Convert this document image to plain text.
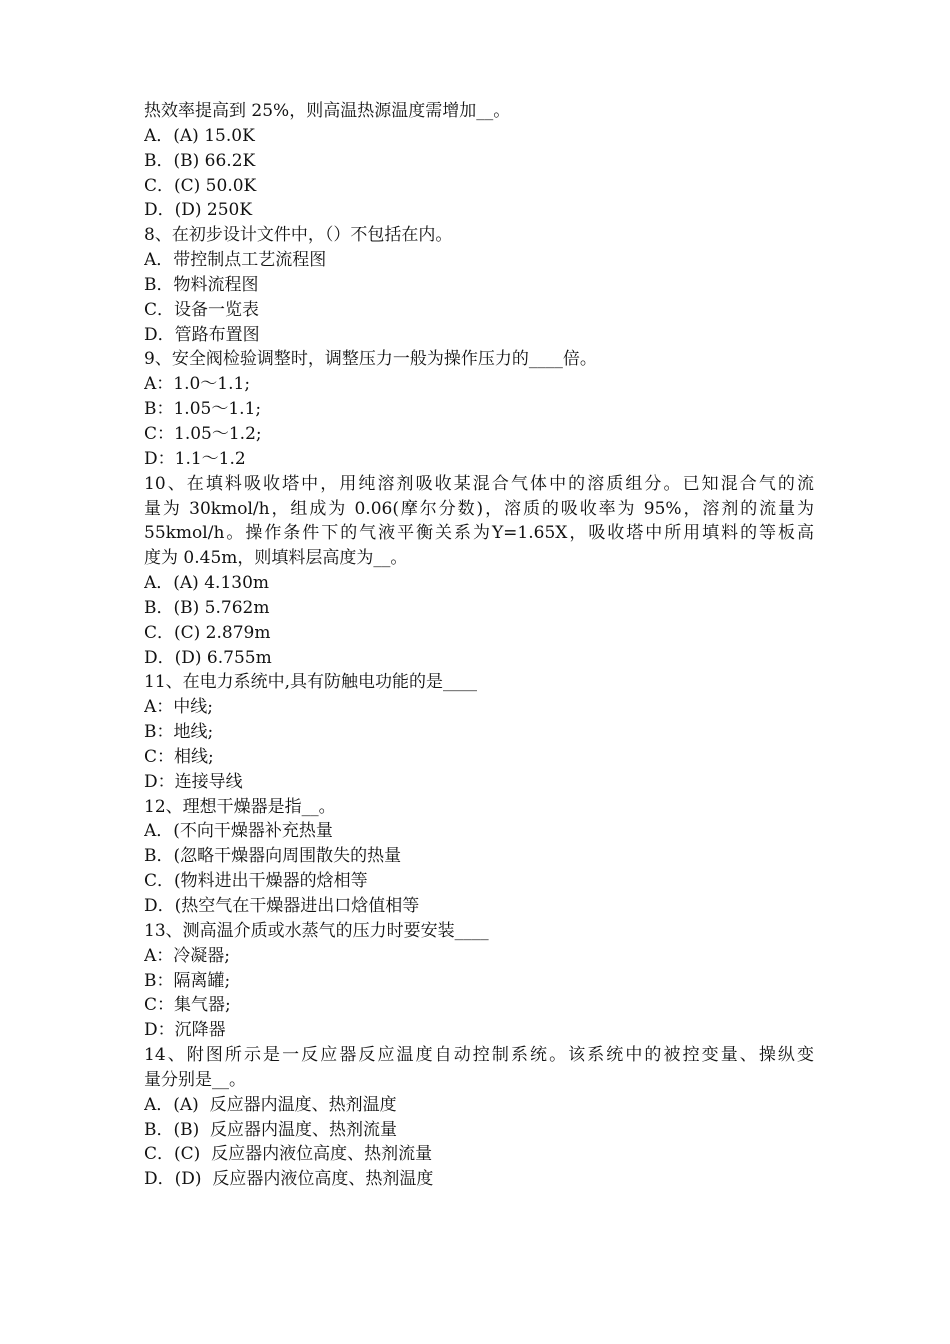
热效率提高到 25%，则高温热源温度需增加__。
A．(A) 15.0K
B．(B) 66.2K
C．(C) 50.0K
D．(D) 250K
8、在初步设计文件中，（）不包括在内。
A．带控制点工艺流程图
B．物料流程图
C．设备一览表
D．管路布置图
9、安全阀检验调整时，调整压力一般为操作压力的____倍。
A：1.0～1.1;
B：1.05～1.1;
C：1.05～1.2;
D：1.1～1.2
10、在填料吸收塔中，用纯溶剂吸收某混合气体中的溶质组分。已知混合气的流
量为 30kmol/h，组成为 0.06(摩尔分数)，溶质的吸收率为 95%，溶剂的流量为
55kmol/h。操作条件下的气液平衡关系为Y=1.65X，吸收塔中所用填料的等板高
度为 0.45m，则填料层高度为__。
A．(A) 4.130m
B．(B) 5.762m
C．(C) 2.879m
D．(D) 6.755m
11、在电力系统中,具有防触电功能的是____
A：中线;
B：地线;
C：相线;
D：连接导线
12、理想干燥器是指__。
A．(不向干燥器补充热量
B．(忽略干燥器向周围散失的热量
C．(物料进出干燥器的焓相等
D．(热空气在干燥器进出口焓值相等
13、测高温介质或水蒸气的压力时要安装____
A：冷凝器;
B：隔离罐;
C：集气器;
D：沉降器
14、附图所示是一反应器反应温度自动控制系统。该系统中的被控变量、操纵变
量分别是__。
A．(A)  反应器内温度、热剂温度
B．(B)  反应器内温度、热剂流量
C．(C)  反应器内液位高度、热剂流量
D．(D)  反应器内液位高度、热剂温度
